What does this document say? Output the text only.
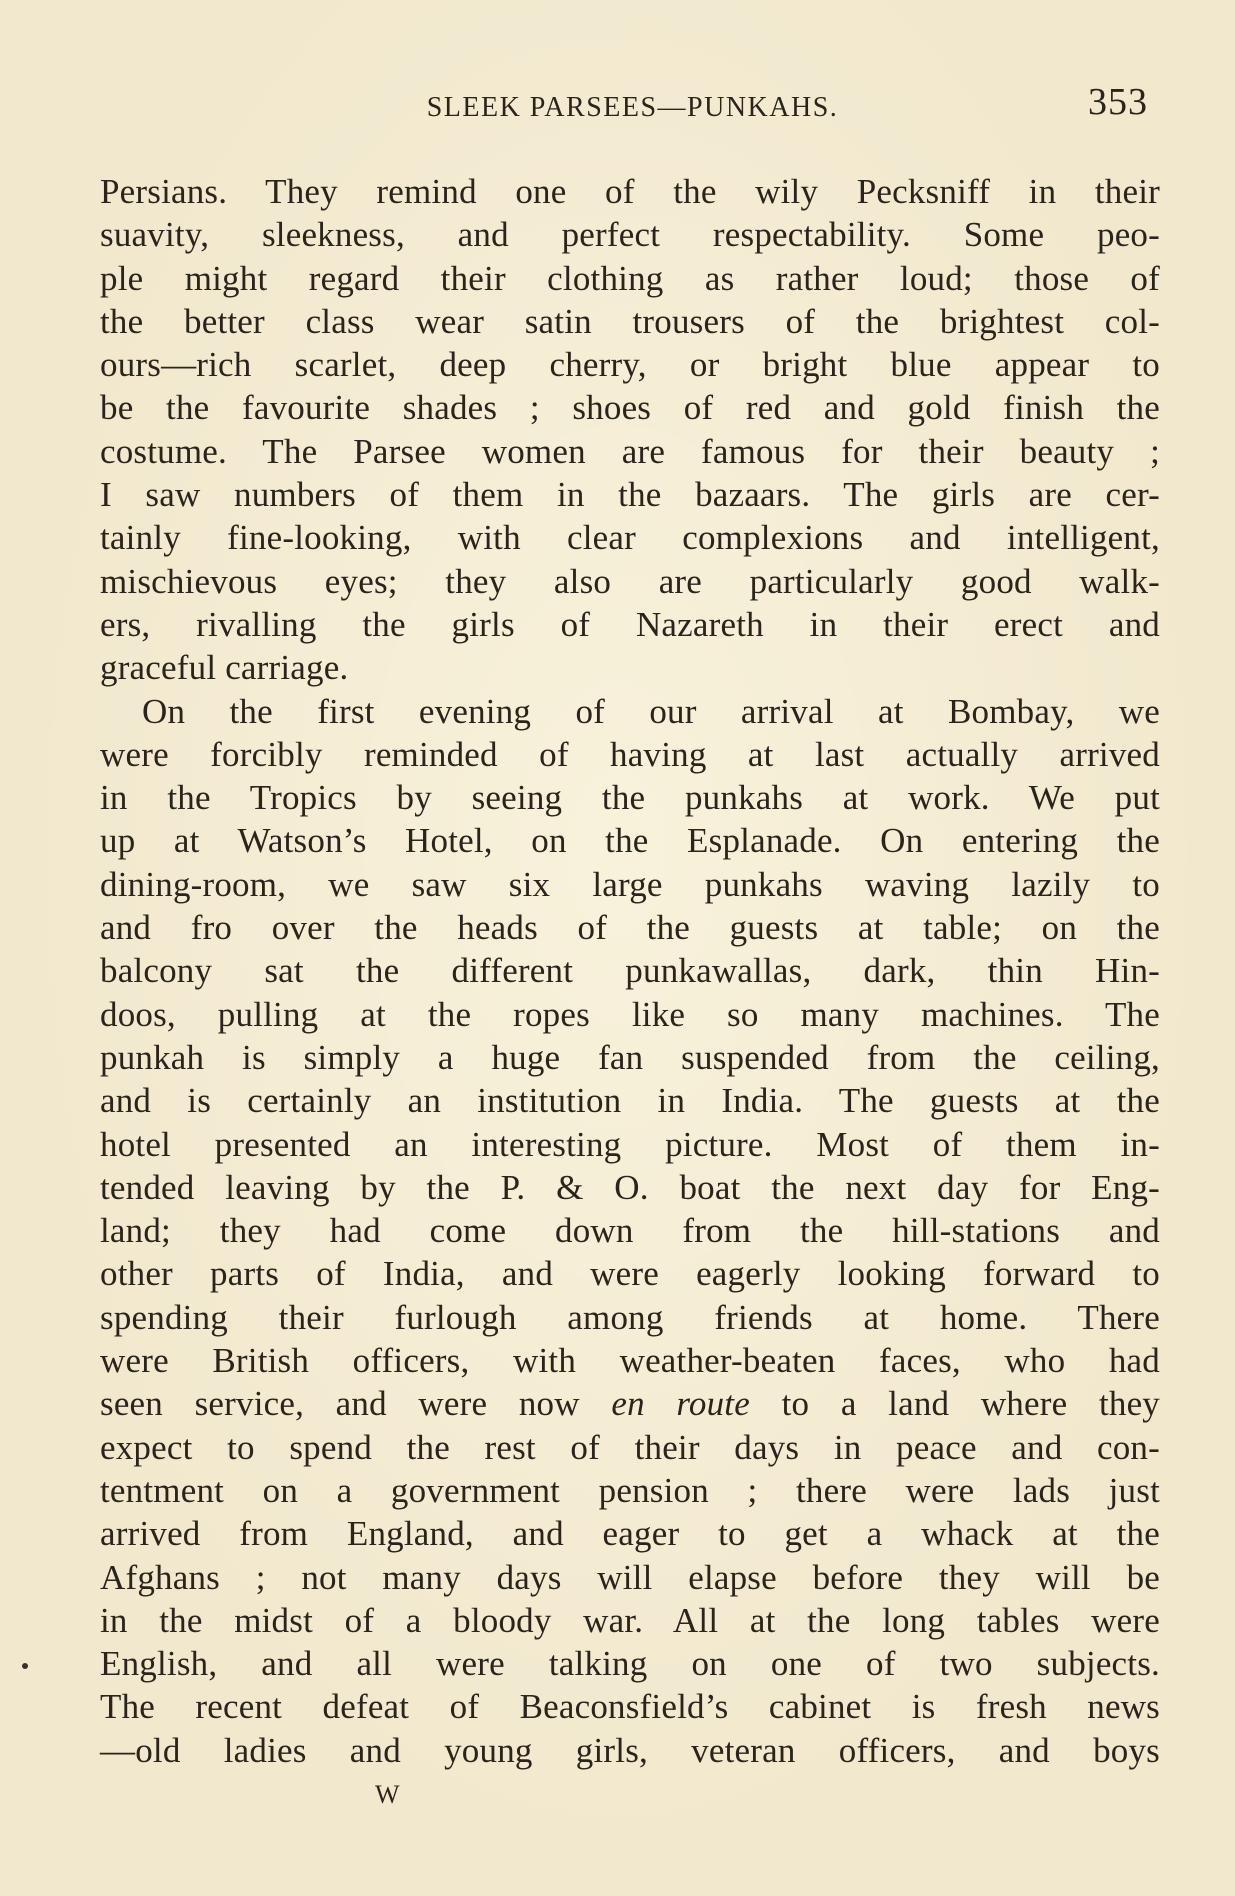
SLEEK PARSEES—PUNKAHS.	353
Persians. They remind one of the wily Pecksniff in their
suavity, sleekness, and perfect respectability. Some peo-
ple might regard their clothing as rather loud; those of
the better class wear satin trousers of the brightest col-
ours—rich scarlet, deep cherry, or bright blue appear to
be the favourite shades ; shoes of red and gold finish the
costume. The Parsee women are famous for their beauty ;
I saw numbers of them in the bazaars. The girls are cer-
tainly fine-looking, with clear complexions and intelligent,
mischievous eyes; they also are particularly good walk-
ers, rivalling the girls of Nazareth in their erect and
graceful carriage.
On the first evening of our arrival at Bombay, we
were forcibly reminded of having at last actually arrived
in the Tropics by seeing the punkahs at work. We put
up at Watson’s Hotel, on the Esplanade. On entering the
dining-room, we saw six large punkahs waving lazily to
and fro over the heads of the guests at table; on the
balcony sat the different punkawallas, dark, thin Hin-
doos, pulling at the ropes like so many machines. The
punkah is simply a huge fan suspended from the ceiling,
and is certainly an institution in India. The guests at the
hotel presented an interesting picture. Most of them in-
tended leaving by the P. & O. boat the next day for Eng-
land; they had come down from the hill-stations and
other parts of India, and were eagerly looking forward to
spending their furlough among friends at home. There
were British officers, with weather-beaten faces, who had
seen service, and were now en route to a land where they
expect to spend the rest of their days in peace and con-
tentment on a government pension ; there were lads just
arrived from England, and eager to get a whack at the
Afghans ; not many days will elapse before they will be
in the midst of a bloody war. All at the long tables were
English, and all were talking on one of two subjects.
The recent defeat of Beaconsfield’s cabinet is fresh news
—old ladies and young girls, veteran officers, and boys
W
